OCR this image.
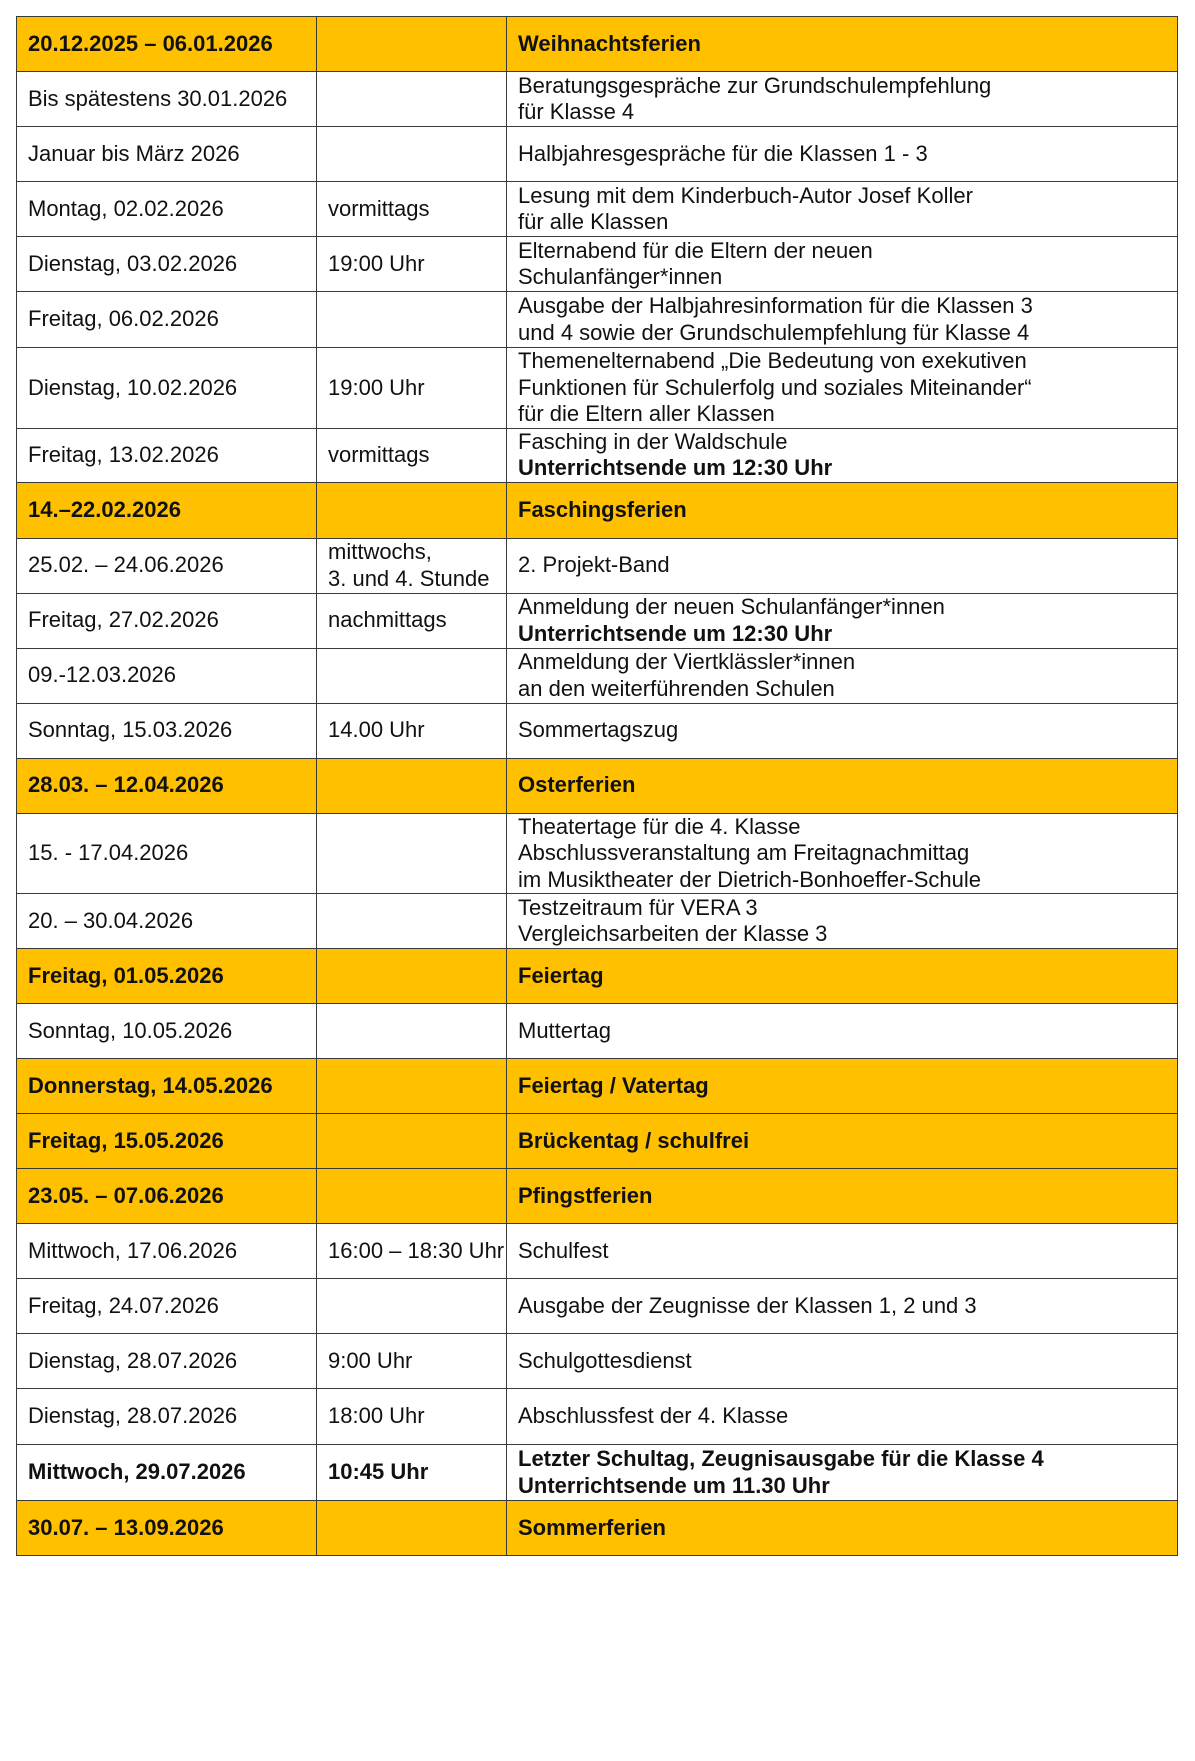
20.12.2025 – 06.01.2026		Weihnachtsferien

Bis spätestens 30.01.2026		Beratungsgespräche zur Grundschulempfehlung
für Klasse 4

Januar bis März 2026		Halbjahresgespräche für die Klassen 1 - 3

Montag, 02.02.2026	vormittags	Lesung mit dem Kinderbuch-Autor Josef Koller
für alle Klassen

Dienstag, 03.02.2026	19:00 Uhr	Elternabend für die Eltern der neuen
Schulanfänger*innen

Freitag, 06.02.2026		Ausgabe der Halbjahresinformation für die Klassen 3
und 4 sowie der Grundschulempfehlung für Klasse 4

Dienstag, 10.02.2026	19:00 Uhr	Themenelternabend „Die Bedeutung von exekutiven
Funktionen für Schulerfolg und soziales Miteinander“
für die Eltern aller Klassen

Freitag, 13.02.2026	vormittags	Fasching in der Waldschule
Unterrichtsende um 12:30 Uhr

14.–22.02.2026		Faschingsferien

25.02. – 24.06.2026	mittwochs,
3. und 4. Stunde	2. Projekt-Band

Freitag, 27.02.2026	nachmittags	Anmeldung der neuen Schulanfänger*innen
Unterrichtsende um 12:30 Uhr

09.-12.03.2026		Anmeldung der Viertklässler*innen
an den weiterführenden Schulen

Sonntag, 15.03.2026	14.00 Uhr	Sommertagszug

28.03. – 12.04.2026		Osterferien

15. - 17.04.2026		Theatertage für die 4. Klasse
Abschlussveranstaltung am Freitagnachmittag
im Musiktheater der Dietrich-Bonhoeffer-Schule

20. – 30.04.2026		Testzeitraum für VERA 3
Vergleichsarbeiten der Klasse 3

Freitag, 01.05.2026		Feiertag

Sonntag, 10.05.2026		Muttertag

Donnerstag, 14.05.2026		Feiertag / Vatertag

Freitag, 15.05.2026		Brückentag / schulfrei

23.05. – 07.06.2026		Pfingstferien

Mittwoch, 17.06.2026	16:00 – 18:30 Uhr	Schulfest

Freitag, 24.07.2026		Ausgabe der Zeugnisse der Klassen 1, 2 und 3

Dienstag, 28.07.2026	9:00 Uhr	Schulgottesdienst

Dienstag, 28.07.2026	18:00 Uhr	Abschlussfest der 4. Klasse

Mittwoch, 29.07.2026	10:45 Uhr	Letzter Schultag, Zeugnisausgabe für die Klasse 4
Unterrichtsende um 11.30 Uhr

30.07. – 13.09.2026		Sommerferien
